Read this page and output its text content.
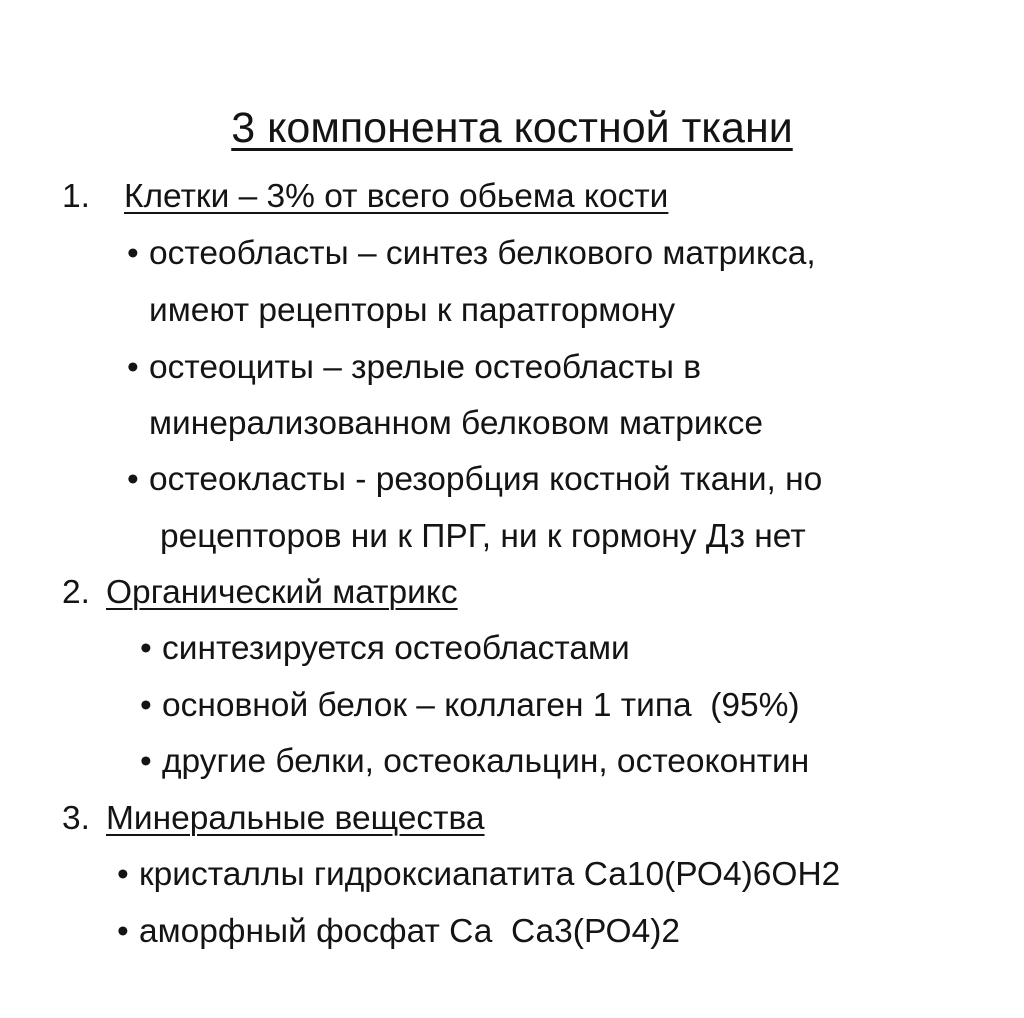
3 компонента костной ткани
1. Клетки – 3% от всего обьема кости
• остеобласты – синтез белкового матрикса,
имеют рецепторы к паратгормону
• остеоциты – зрелые остеобласты в
минерализованном белковом матриксе
• остеокласты - резорбция костной ткани, но
рецепторов ни к ПРГ, ни к гормону Дз нет
2. Органический матрикс
• синтезируется остеобластами
• основной белок – коллаген 1 типа  (95%)
• другие белки, остеокальцин, остеоконтин
3. Минеральные вещества
• кристаллы гидроксиапатита Са10(РО4)6ОН2
• аморфный фосфат Са  Са3(РО4)2
